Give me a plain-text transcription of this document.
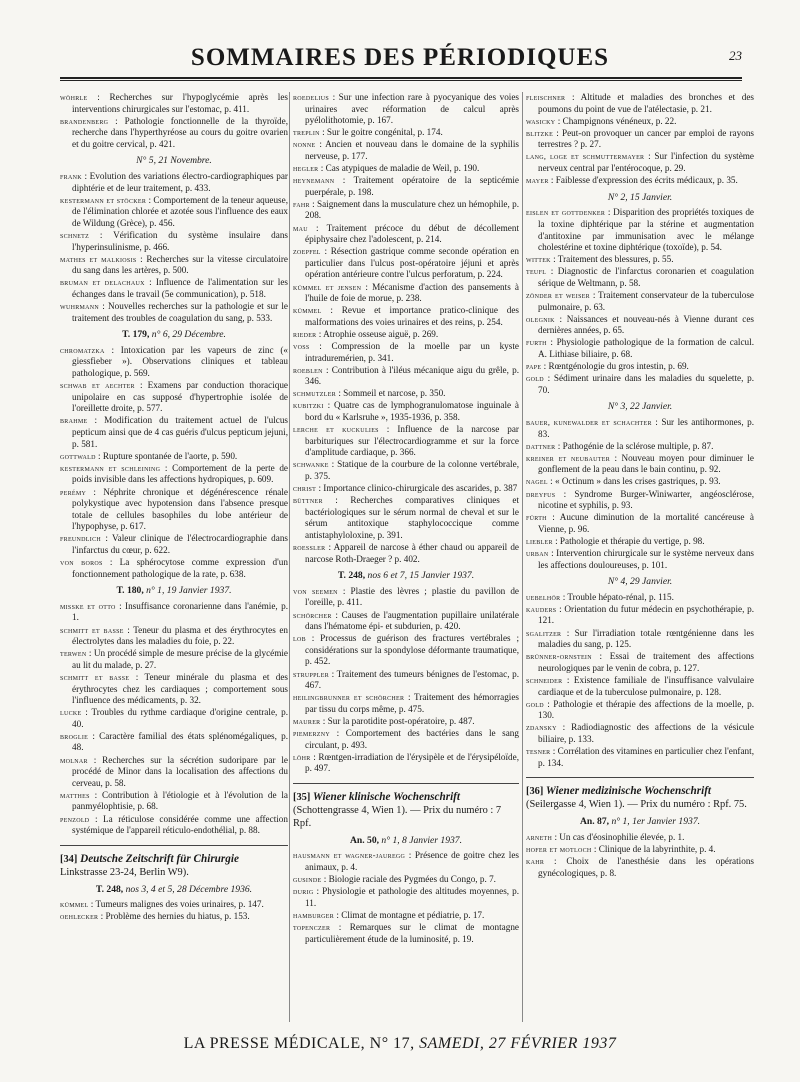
SOMMAIRES DES PÉRIODIQUES	23
wöhrle : Recherches sur l'hypoglycémie après les interventions chirurgicales sur l'estomac, p. 411.
brandenberg : Pathologie fonctionnelle de la thyroïde, recherche dans l'hyperthyréose au cours du goitre ovarien et du goitre cervical, p. 421.
N° 5, 21 Novembre.
frank : Evolution des variations électro-cardiographiques par diphtérie et de leur traitement, p. 433.
kestermann et stöcker : Comportement de la teneur aqueuse, de l'élimination chlorée et azotée sous l'influence des eaux de Wildung (Grèce), p. 456.
schnetz : Vérification du système insulaire dans l'hyperinsulinisme, p. 466.
mathes et malkiosis : Recherches sur la vitesse circulatoire du sang dans les artères, p. 500.
bruman et delachaux : Influence de l'alimentation sur les échanges dans le travail (5e communication), p. 518.
wuhrmann : Nouvelles recherches sur la pathologie et sur le traitement des troubles de coagulation du sang, p. 533.
T. 179, n° 6, 29 Décembre.
chromatzka : Intoxication par les vapeurs de zinc (« giessfieber »). Observations cliniques et tableau pathologique, p. 569.
schwab et aechter : Examens par conduction thoracique unipolaire en cas supposé d'hypertrophie isolée de l'oreillette droite, p. 577.
brahme : Modification du traitement actuel de l'ulcus pepticum ainsi que de 4 cas guéris d'ulcus pepticum jejuni, p. 581.
gottwald : Rupture spontanée de l'aorte, p. 590.
kestermann et schleining : Comportement de la perte de poids invisible dans les affections hydropiques, p. 609.
perémy : Néphrite chronique et dégénérescence rénale polykystique avec hypotension dans l'absence presque totale de cellules basophiles du lobe antérieur de l'hypophyse, p. 617.
freundlich : Valeur clinique de l'électrocardiographie dans l'infarctus du cœur, p. 622.
von boros : La sphérocytose comme expression d'un fonctionnement pathologique de la rate, p. 638.
T. 180, n° 1, 19 Janvier 1937.
misske et otto : Insuffisance coronarienne dans l'anémie, p. 1.
schmitt et basse : Teneur du plasma et des érythrocytes en électrolytes dans les maladies du foie, p. 22.
terwen : Un procédé simple de mesure précise de la glycémie au lit du malade, p. 27.
schmitt et basse : Teneur minérale du plasma et des érythrocytes chez les cardiaques ; comportement sous l'influence des médicaments, p. 32.
lucke : Troubles du rythme cardiaque d'origine centrale, p. 40.
broglie : Caractère familial des états splénomégaliques, p. 48.
molnar : Recherches sur la sécrétion sudoripare par le procédé de Minor dans la localisation des affections du cerveau, p. 58.
matthes : Contribution à l'étiologie et à l'évolution de la panmyélophtisie, p. 68.
penzold : La réticulose considérée comme une affection systémique de l'appareil réticulo-endothélial, p. 88.
[34] Deutsche Zeitschrift für Chirurgie Linkstrasse 23-24, Berlin W9).
T. 248, nos 3, 4 et 5, 28 Décembre 1936.
kümmel : Tumeurs malignes des voies urinaires, p. 147.
oehlecker : Problème des hernies du hiatus, p. 153.
roedelius : Sur une infection rare à pyocyanique des voies urinaires avec réformation de calcul après pyélolithotomie, p. 167.
treplin : Sur le goitre congénital, p. 174.
nonne : Ancien et nouveau dans le domaine de la syphilis nerveuse, p. 177.
hegler : Cas atypiques de maladie de Weil, p. 190.
heynemann : Traitement opératoire de la septicémie puerpérale, p. 198.
fahr : Saignement dans la musculature chez un hémophile, p. 208.
mau : Traitement précoce du début de décollement épiphysaire chez l'adolescent, p. 214.
zoepfel : Résection gastrique comme seconde opération en particulier dans l'ulcus post-opératoire jéjuni et après opération antérieure contre l'ulcus perforatum, p. 224.
kümmel et jensen : Mécanisme d'action des pansements à l'huile de foie de morue, p. 238.
kümmel : Revue et importance pratico-clinique des malformations des voies urinaires et des reins, p. 254.
rieder : Atrophie osseuse aiguë, p. 269.
voss : Compression de la moelle par un kyste intraduremérien, p. 341.
roeblen : Contribution à l'iléus mécanique aigu du grêle, p. 346.
schmutzler : Sommeil et narcose, p. 350.
kubitzki : Quatre cas de lymphogranulomatose inguinale à bord du « Karlsruhe », 1935-1936, p. 358.
lerche et kuckulies : Influence de la narcose par barbituriques sur l'électrocardiogramme et sur la force d'amplitude cardiaque, p. 366.
schwanke : Statique de la courbure de la colonne vertébrale, p. 375.
christ : Importance clinico-chirurgicale des ascarides, p. 387
büttner : Recherches comparatives cliniques et bactériologiques sur le sérum normal de cheval et sur le sérum antitoxique staphylococcique comme antistaphyloloxine, p. 391.
roessler : Appareil de narcose à éther chaud ou appareil de narcose Roth-Draeger ? p. 402.
T. 248, nos 6 et 7, 15 Janvier 1937.
von seemen : Plastie des lèvres ; plastie du pavillon de l'oreille, p. 411.
schörcher : Causes de l'augmentation pupillaire unilatérale dans l'hématome épi- et subdurien, p. 420.
lob : Processus de guérison des fractures vertébrales ; considérations sur la spondylose déformante traumatique, p. 452.
struppler : Traitement des tumeurs bénignes de l'estomac, p. 467.
heilingbrunner et schörcher : Traitement des hémorragies par tissu du corps même, p. 475.
maurer : Sur la parotidite post-opératoire, p. 487.
piemerzny : Comportement des bactéries dans le sang circulant, p. 493.
löhr : Rœntgen-irradiation de l'érysipèle et de l'érysipéloïde, p. 497.
[35] Wiener klinische Wochenschrift (Schottengrasse 4, Wien 1). — Prix du numéro : 7 Rpf.
An. 50, n° 1, 8 Janvier 1937.
hausmann et wagner-jauregg : Présence de goitre chez les animaux, p. 4.
gusinde : Biologie raciale des Pygmées du Congo, p. 7.
durig : Physiologie et pathologie des altitudes moyennes, p. 11.
hamburger : Climat de montagne et pédiatrie, p. 17.
topenczer : Remarques sur le climat de montagne particulièrement étude de la luminosité, p. 19.
fleischner : Altitude et maladies des bronches et des poumons du point de vue de l'atélectasie, p. 21.
wasicky : Champignons vénéneux, p. 22.
blitzke : Peut-on provoquer un cancer par emploi de rayons terrestres ? p. 27.
lang, loge et schmuttermayer : Sur l'infection du système nerveux central par l'entérocoque, p. 29.
mayer : Faiblesse d'expression des écrits médicaux, p. 35.
N° 2, 15 Janvier.
eislen et gottdenker : Disparition des propriétés toxiques de la toxine diphtérique par la stérine et augmentation d'antitoxine par immunisation avec le mélange cholestérine et toxine diphtérique (toxoïde), p. 54.
wittek : Traitement des blessures, p. 55.
teufl : Diagnostic de l'infarctus coronarien et coagulation sérique de Weltmann, p. 58.
zönder et weiser : Traitement conservateur de la tuberculose pulmonaire, p. 63.
olegnik : Naissances et nouveau-nés à Vienne durant ces dernières années, p. 65.
furth : Physiologie pathologique de la formation de calcul. A. Lithiase biliaire, p. 68.
pape : Rœntgénologie du gros intestin, p. 69.
gold : Sédiment urinaire dans les maladies du squelette, p. 70.
N° 3, 22 Janvier.
bauer, kunewalder et schachter : Sur les antihormones, p. 83.
dattner : Pathogénie de la sclérose multiple, p. 87.
kreiner et neubauter : Nouveau moyen pour diminuer le gonflement de la peau dans le bain continu, p. 92.
nagel : « Octinum » dans les crises gastriques, p. 93.
dreyfus : Syndrome Burger-Winiwarter, angéosclérose, nicotine et syphilis, p. 93.
fürth : Aucune diminution de la mortalité cancéreuse à Vienne, p. 96.
liebler : Pathologie et thérapie du vertige, p. 98.
urban : Intervention chirurgicale sur le système nerveux dans les affections douloureuses, p. 101.
N° 4, 29 Janvier.
uebelhör : Trouble hépato-rénal, p. 115.
kauders : Orientation du futur médecin en psychothérapie, p. 121.
sgalitzer : Sur l'irradiation totale rœntgénienne dans les maladies du sang, p. 125.
brünner-ornstein : Essai de traitement des affections neurologiques par le venin de cobra, p. 127.
schneider : Existence familiale de l'insuffisance valvulaire cardiaque et de la tuberculose pulmonaire, p. 128.
gold : Pathologie et thérapie des affections de la moelle, p. 130.
zdansky : Radiodiagnostic des affections de la vésicule biliaire, p. 133.
tesner : Corrélation des vitamines en particulier chez l'enfant, p. 134.
[36] Wiener medizinische Wochenschrift (Seilergasse 4, Wien 1). — Prix du numéro : Rpf. 75.
An. 87, n° 1, 1er Janvier 1937.
arneth : Un cas d'éosinophilie élevée, p. 1.
hofer et motloch : Clinique de la labyrinthite, p. 4.
kahr : Choix de l'anesthésie dans les opérations gynécologiques, p. 8.
LA PRESSE MÉDICALE, N° 17, SAMEDI, 27 FÉVRIER 1937
